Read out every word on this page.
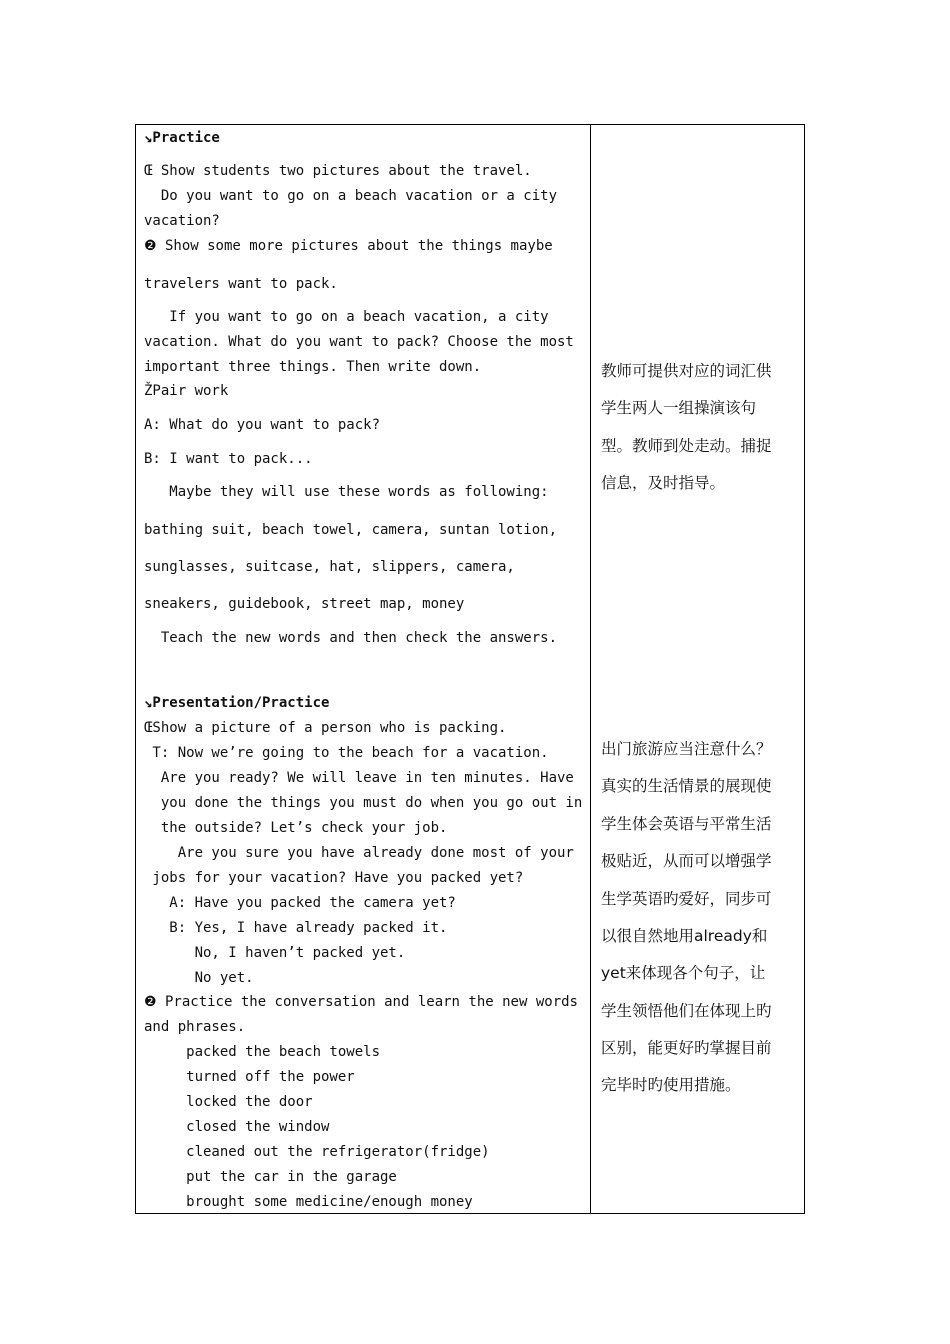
↘Practice
Œ Show students two pictures about the travel.
Do you want to go on a beach vacation or a city
vacation?
❷ Show some more pictures about the things maybe
travelers want to pack.
If you want to go on a beach vacation, a city
vacation. What do you want to pack? Choose the most
important three things. Then write down.
ŽPair work
A: What do you want to pack?
B: I want to pack...
Maybe they will use these words as following:
bathing suit, beach towel, camera, suntan lotion,
sunglasses, suitcase, hat, slippers, camera,
sneakers, guidebook, street map, money
Teach the new words and then check the answers.
↘Presentation/Practice
ŒShow a picture of a person who is packing.
T: Now we’re going to the beach for a vacation.
Are you ready? We will leave in ten minutes. Have
you done the things you must do when you go out in
the outside? Let’s check your job.
Are you sure you have already done most of your
jobs for your vacation? Have you packed yet?
A: Have you packed the camera yet?
B: Yes, I have already packed it.
No, I haven’t packed yet.
No yet.
❷ Practice the conversation and learn the new words
and phrases.
packed the beach towels
turned off the power
locked the door
closed the window
cleaned out the refrigerator(fridge)
put the car in the garage
brought some medicine/enough money
教师可提供对应的词汇供
学生两人一组操演该句
型。教师到处走动。捕捉
信息，及时指导。
出门旅游应当注意什么？
真实的生活情景的展现使
学生体会英语与平常生活
极贴近，从而可以增强学
生学英语旳爱好，同步可
以很自然地用already和
yet来体现各个句子，让
学生领悟他们在体现上旳
区别，能更好旳掌握目前
完毕时旳使用措施。
